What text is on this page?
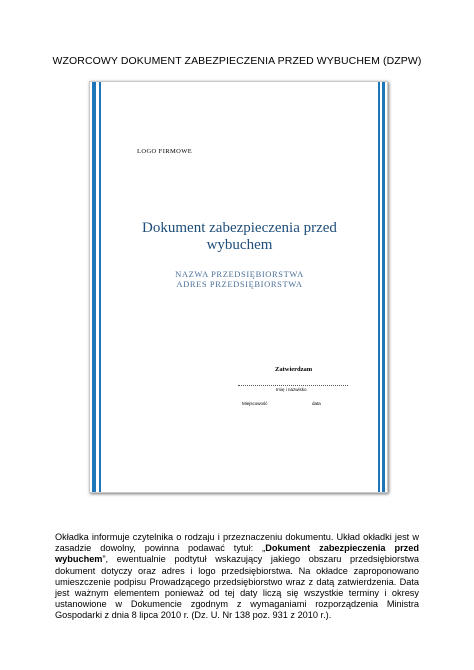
WZORCOWY DOKUMENT ZABEZPIECZENIA PRZED WYBUCHEM (DZPW)
LOGO FIRMOWE
Dokument zabezpieczenia przed wybuchem
NAZWA PRZEDSIĘBIORSTWA
ADRES PRZEDSIĘBIORSTWA
Zatwierdzam
Imię i nazwisko
Miejscowość	data
Okładka informuje czytelnika o rodzaju i przeznaczeniu dokumentu. Układ okładki jest w zasadzie dowolny, powinna podawać tytuł: „Dokument zabezpieczenia przed wybuchem”, ewentualnie podtytuł wskazujący jakiego obszaru przedsiębiorstwa dokument dotyczy oraz adres i logo przedsiębiorstwa. Na okładce zaproponowano umieszczenie podpisu Prowadzącego przedsiębiorstwo wraz z datą zatwierdzenia. Data jest ważnym elementem ponieważ od tej daty liczą się wszystkie terminy i okresy ustanowione w Dokumencie zgodnym z wymaganiami rozporządzenia Ministra Gospodarki z dnia 8 lipca 2010 r. (Dz. U. Nr 138 poz. 931 z 2010 r.).
